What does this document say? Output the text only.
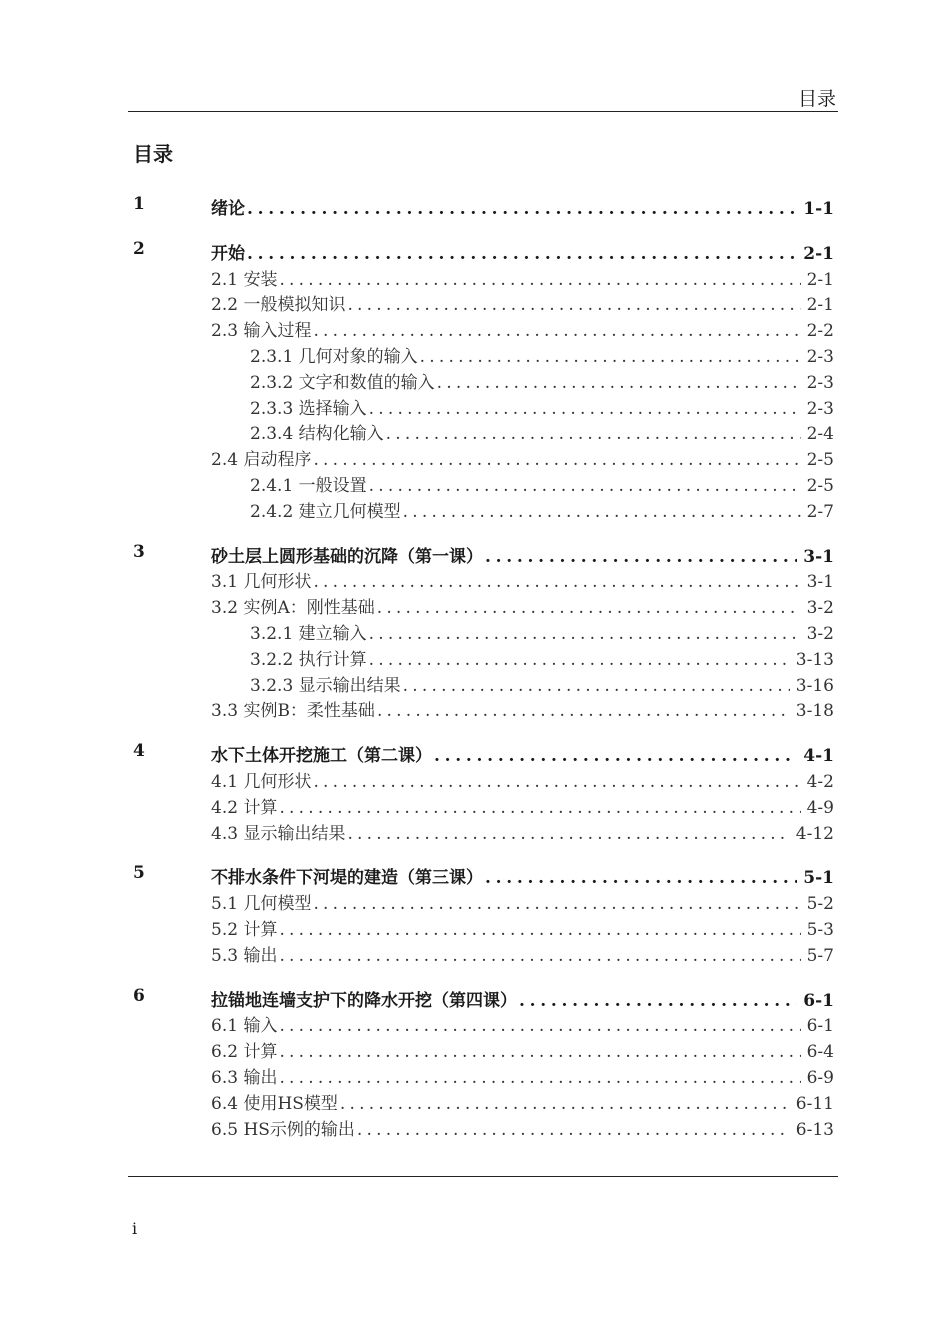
目录
目录
1	绪论 . . .	1-1
2	开始 . . .	2-1
2.1 安装 . . .	2-1
2.2 一般模拟知识 . . .	2-1
2.3 输入过程 . . .	2-2
2.3.1 几何对象的输入 . . .	2-3
2.3.2 文字和数值的输入 . . .	2-3
2.3.3 选择输入 . . .	2-3
2.3.4 结构化输入 . . .	2-4
2.4 启动程序 . . .	2-5
2.4.1 一般设置 . . .	2-5
2.4.2 建立几何模型 . . .	2-7
3	砂土层上圆形基础的沉降（第一课） . . .	3-1
3.1 几何形状 . . .	3-1
3.2 实例A：刚性基础 . . .	3-2
3.2.1 建立输入 . . .	3-2
3.2.2 执行计算 . . .	3-13
3.2.3 显示输出结果 . . .	3-16
3.3 实例B：柔性基础 . . .	3-18
4	水下土体开挖施工（第二课） . . .	4-1
4.1 几何形状 . . .	4-2
4.2 计算 . . .	4-9
4.3 显示输出结果 . . .	4-12
5	不排水条件下河堤的建造（第三课） . . .	5-1
5.1 几何模型 . . .	5-2
5.2 计算 . . .	5-3
5.3 输出 . . .	5-7
6	拉锚地连墙支护下的降水开挖（第四课） . . .	6-1
6.1 输入 . . .	6-1
6.2 计算 . . .	6-4
6.3 输出 . . .	6-9
6.4 使用HS模型 . . .	6-11
6.5 HS示例的输出 . . .	6-13
i
